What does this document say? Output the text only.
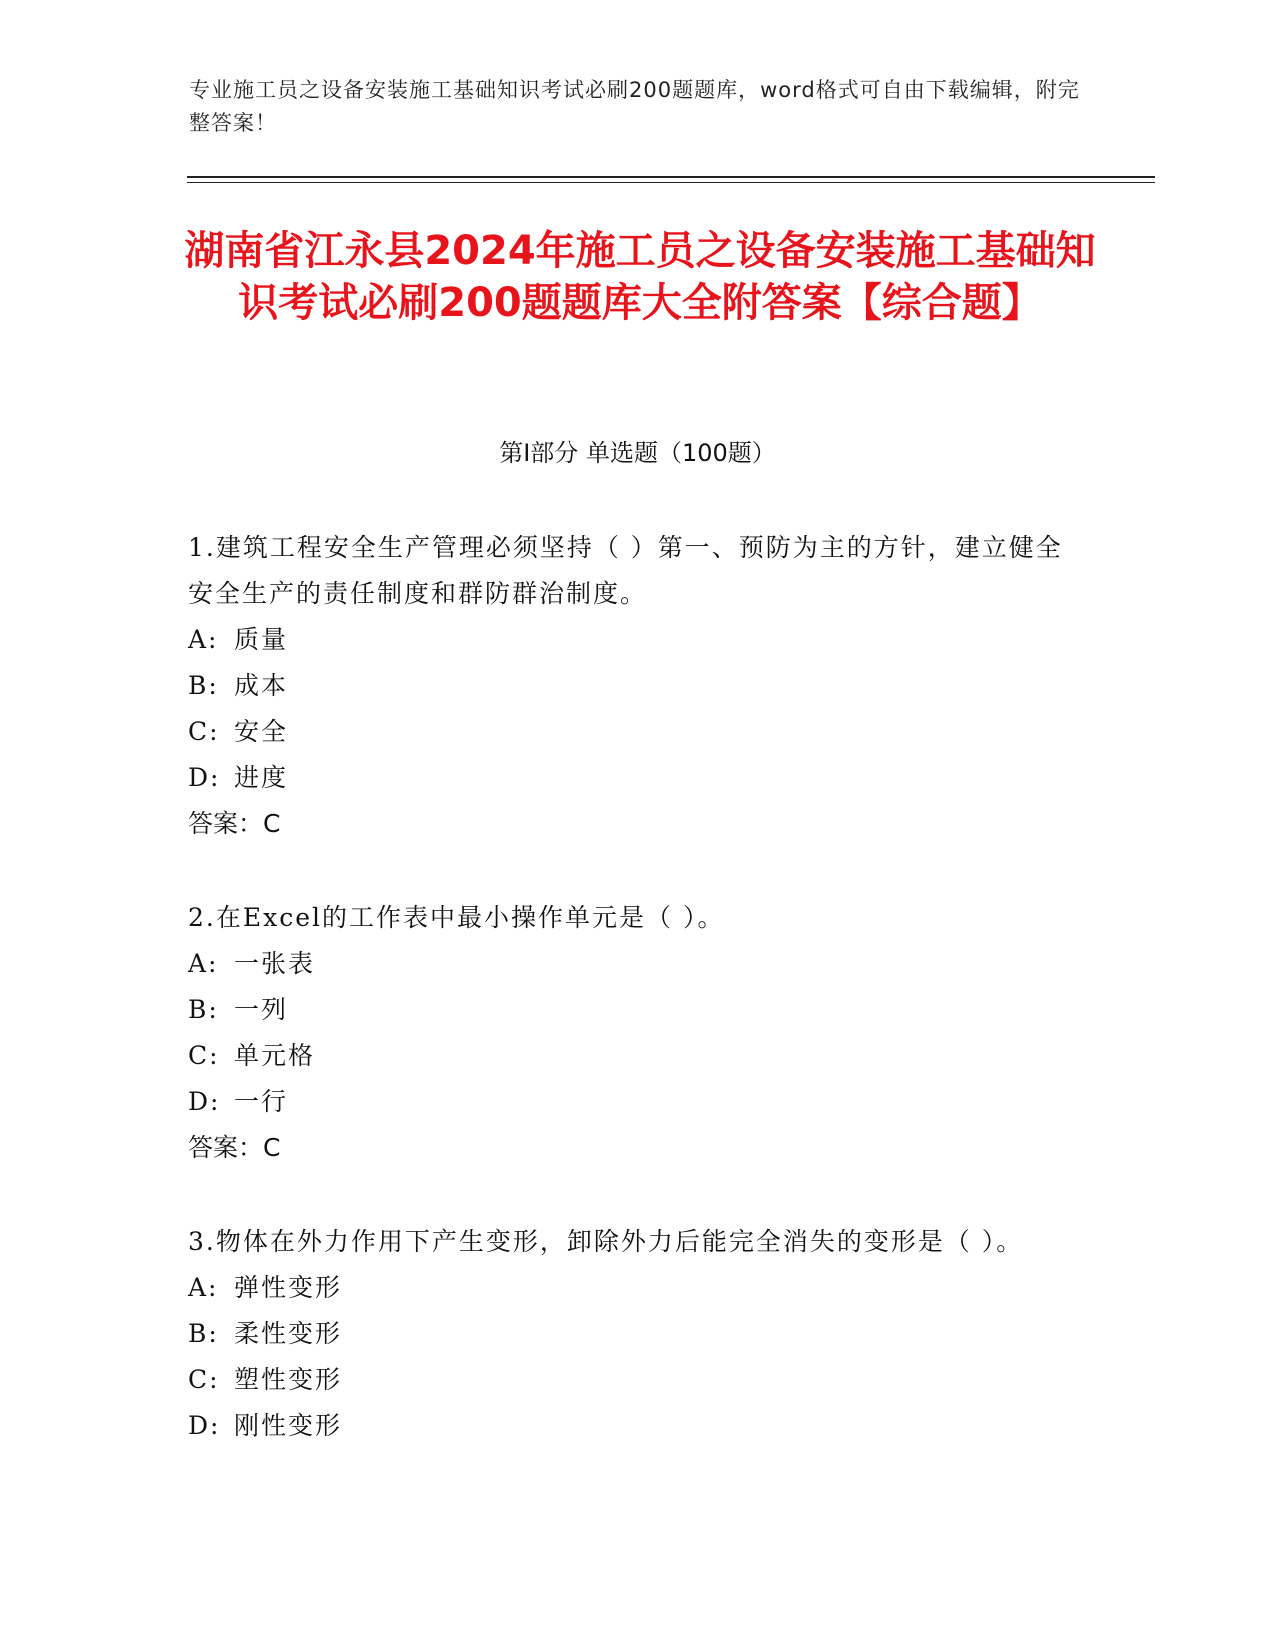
专业施工员之设备安装施工基础知识考试必刷200题题库，word格式可自由下载编辑，附完整答案！
湖南省江永县2024年施工员之设备安装施工基础知识考试必刷200题题库大全附答案【综合题】
第Ⅰ部分 单选题（100题）

1.建筑工程安全生产管理必须坚持（ ）第一、预防为主的方针，建立健全安全生产的责任制度和群防群治制度。

A: 质量

B: 成本

C: 安全

D: 进度

答案：C

2.在Excel的工作表中最小操作单元是（ ）。

A: 一张表

B: 一列

C: 单元格

D: 一行

答案：C

3.物体在外力作用下产生变形，卸除外力后能完全消失的变形是（ ）。

A: 弹性变形

B: 柔性变形

C: 塑性变形

D: 刚性变形
